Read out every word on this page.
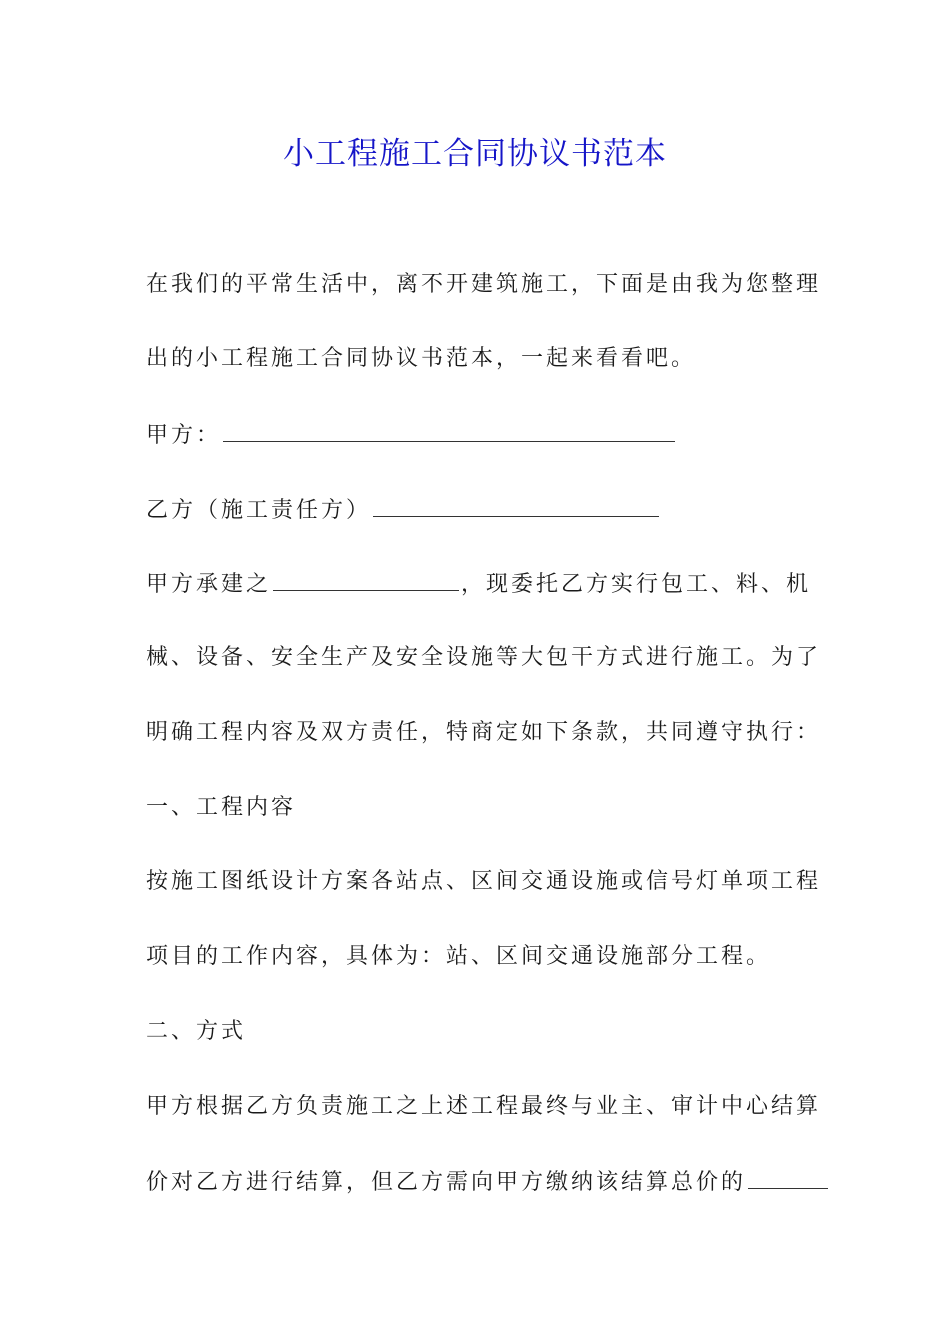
小工程施工合同协议书范本
在我们的平常生活中，离不开建筑施工，下面是由我为您整理
出的小工程施工合同协议书范本，一起来看看吧。
甲方：
乙方（施工责任方）
甲方承建之	，现委托乙方实行包工、料、机
械、设备、安全生产及安全设施等大包干方式进行施工。为了
明确工程内容及双方责任，特商定如下条款，共同遵守执行：
一、工程内容
按施工图纸设计方案各站点、区间交通设施或信号灯单项工程
项目的工作内容，具体为：站、区间交通设施部分工程。
二、方式
甲方根据乙方负责施工之上述工程最终与业主、审计中心结算
价对乙方进行结算，但乙方需向甲方缴纳该结算总价的
